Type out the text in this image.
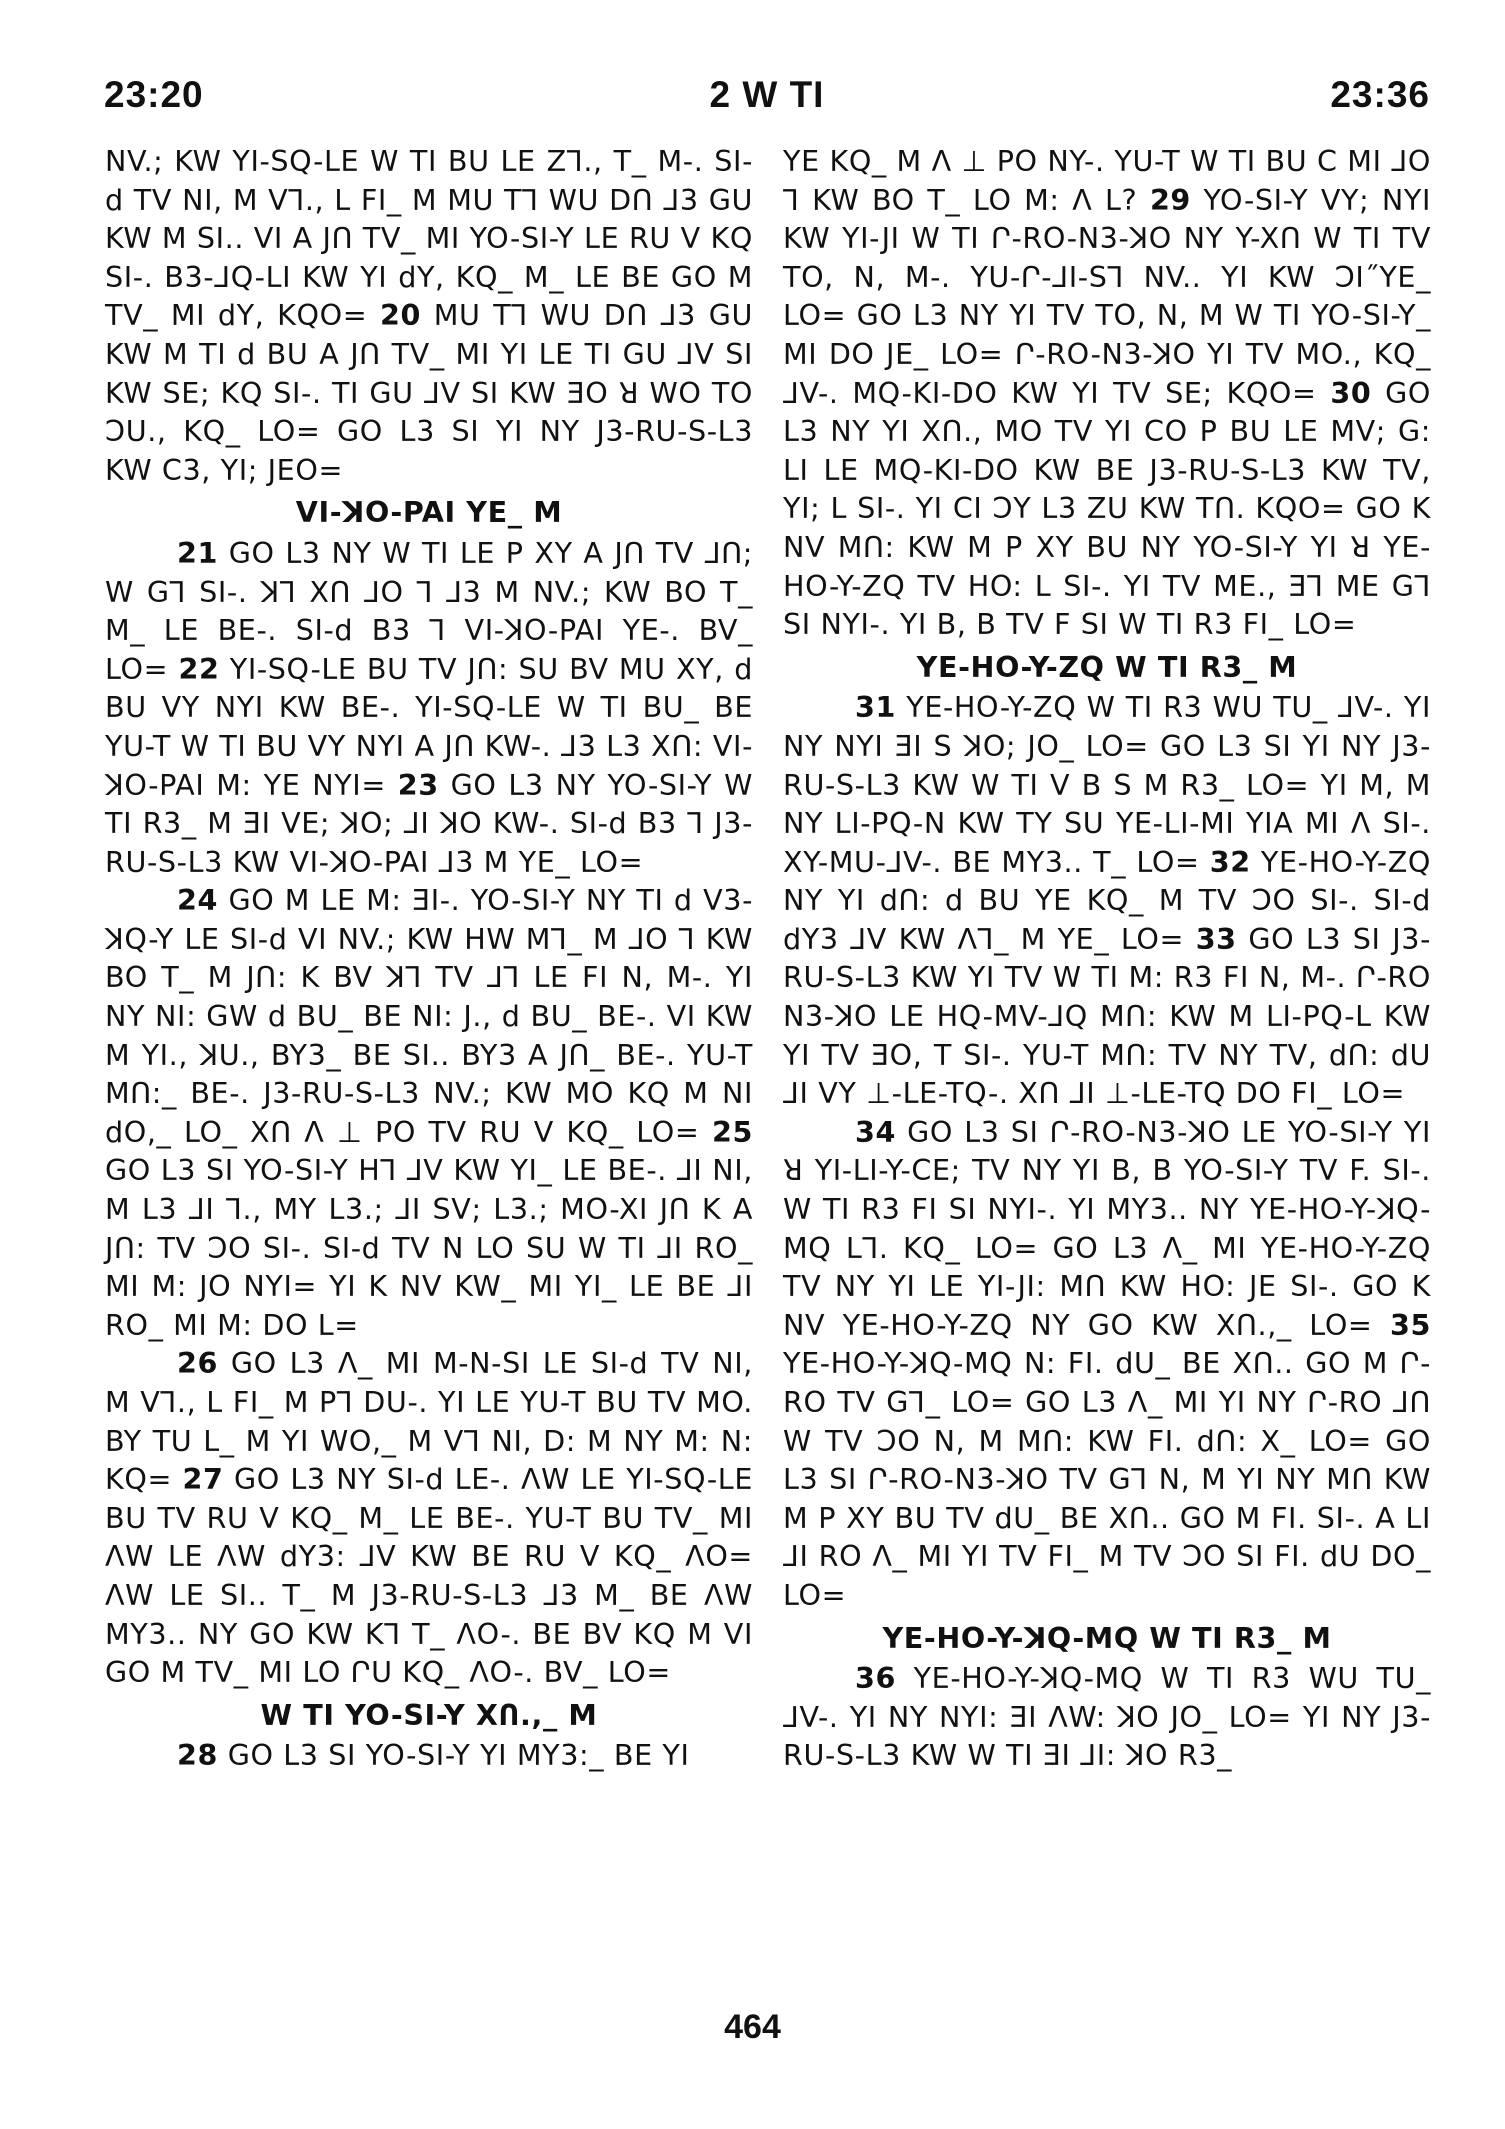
23:20	2 W TI	23:36

NV.; KW YI-SQ-LE W TI BU LE Z⅂., T_ M-. SI-d TV NI, M V⅂., L FI_ M MU T⅂ WU DՈ ⅃3 GU KW M SI.. VI A JՈ TV_ MI YO-SI-Y LE RU V KQ SI-. B3-⅃Q-LI KW YI dY, KQ_ M_ LE BE GO M TV_ MI dY, KQO= 20 MU T⅂ WU DՈ ⅃3 GU KW M TI d BU A JՈ TV_ MI YI LE TI GU ⅃V SI KW SE; KQ SI-. TI GU ⅃V SI KW ƎO ꓤ WO TO ƆU., KQ_ LO= GO L3 SI YI NY J3-RU-S-L3 KW C3, YI; JEO=

VI-ꓘO-PAI YE_ M

21 GO L3 NY W TI LE P XY A JՈ TV ⅃Ո; W G⅂ SI-. ꓘ⅂ XՈ ⅃O ⅂ ⅃3 M NV.; KW BO T_ M_ LE BE-. SI-d B3 ⅂ VI-ꓘO-PAI YE-. BV_ LO= 22 YI-SQ-LE BU TV JՈ: SU BV MU XY, d BU VY NYI KW BE-. YI-SQ-LE W TI BU_ BE YU-T W TI BU VY NYI A JՈ KW-. ⅃3 L3 XՈ: VI-ꓘO-PAI M: YE NYI= 23 GO L3 NY YO-SI-Y W TI R3_ M ƎI VE; ꓘO; ⅃I ꓘO KW-. SI-d B3 ⅂ J3-RU-S-L3 KW VI-ꓘO-PAI ⅃3 M YE_ LO=

24 GO M LE M: ƎI-. YO-SI-Y NY TI d V3-ꓘQ-Y LE SI-d VI NV.; KW HW M⅂_ M ⅃O ⅂ KW BO T_ M JՈ: K BV ꓘ⅂ TV ⅃⅂ LE FI N, M-. YI NY NI: GW d BU_ BE NI: J., d BU_ BE-. VI KW M YI., ꓘU., BY3_ BE SI.. BY3 A JՈ_ BE-. YU-T MՈ:_ BE-. J3-RU-S-L3 NV.; KW MO KQ M NI dO,_ LO_ XՈ Λ ⊥ PO TV RU V KQ_ LO= 25 GO L3 SI YO-SI-Y H⅂ ⅃V KW YI_ LE BE-. ⅃I NI, M L3 ⅃I ⅂., MY L3.; ⅃I SV; L3.; MO-XI JՈ K A JՈ: TV ƆO SI-. SI-d TV N LO SU W TI ⅃I RO_ MI M: JO NYI= YI K NV KW_ MI YI_ LE BE ⅃I RO_ MI M: DO L=

26 GO L3 Λ_ MI M-N-SI LE SI-d TV NI, M V⅂., L FI_ M P⅂ DU-. YI LE YU-T BU TV MO. BY TU L_ M YI WO,_ M V⅂ NI, D: M NY M: N: KQ= 27 GO L3 NY SI-d LE-. ΛW LE YI-SQ-LE BU TV RU V KQ_ M_ LE BE-. YU-T BU TV_ MI ΛW LE ΛW dY3: ⅃V KW BE RU V KQ_ ΛO= ΛW LE SI.. T_ M J3-RU-S-L3 ⅃3 M_ BE ΛW MY3.. NY GO KW K⅂ T_ ΛO-. BE BV KQ M VI GO M TV_ MI LO ՐU KQ_ ΛO-. BV_ LO=

W TI YO-SI-Y XՈ.,_ M

28 GO L3 SI YO-SI-Y YI MY3:_ BE YI

YE KQ_ M Λ ⊥ PO NY-. YU-T W TI BU C MI ⅃O ⅂ KW BO T_ LO M: Λ L? 29 YO-SI-Y VY; NYI KW YI-JI W TI Ր-RO-N3-ꓘO NY Y-XՈ W TI TV TO, N, M-. YU-Ր-⅃I-S⅂ NV.. YI KW ƆI˝YE_ LO= GO L3 NY YI TV TO, N, M W TI YO-SI-Y_ MI DO JE_ LO= Ր-RO-N3-ꓘO YI TV MO., KQ_ ⅃V-. MQ-KI-DO KW YI TV SE; KQO= 30 GO L3 NY YI XՈ., MO TV YI CO P BU LE MV; G: LI LE MQ-KI-DO KW BE J3-RU-S-L3 KW TV, YI; L SI-. YI CI ƆY L3 ZU KW TՈ. KQO= GO K NV MՈ: KW M P XY BU NY YO-SI-Y YI ꓤ YE-HO-Y-ZQ TV HO: L SI-. YI TV ME., Ǝ⅂ ME G⅂ SI NYI-. YI B, B TV F SI W TI R3 FI_ LO=

YE-HO-Y-ZQ W TI R3_ M

31 YE-HO-Y-ZQ W TI R3 WU TU_ ⅃V-. YI NY NYI ƎI S ꓘO; JO_ LO= GO L3 SI YI NY J3-RU-S-L3 KW W TI V B S M R3_ LO= YI M, M NY LI-PQ-N KW TY SU YE-LI-MI YIA MI Λ SI-. XY-MU-⅃V-. BE MY3.. T_ LO= 32 YE-HO-Y-ZQ NY YI dՈ: d BU YE KQ_ M TV ƆO SI-. SI-d dY3 ⅃V KW Λ⅂_ M YE_ LO= 33 GO L3 SI J3-RU-S-L3 KW YI TV W TI M: R3 FI N, M-. Ր-RO N3-ꓘO LE HQ-MV-⅃Q MՈ: KW M LI-PQ-L KW YI TV ƎO, T SI-. YU-T MՈ: TV NY TV, dՈ: dU ⅃I VY ⊥-LE-TQ-. XՈ ⅃I ⊥-LE-TQ DO FI_ LO=

34 GO L3 SI Ր-RO-N3-ꓘO LE YO-SI-Y YI ꓤ YI-LI-Y-CE; TV NY YI B, B YO-SI-Y TV F. SI-. W TI R3 FI SI NYI-. YI MY3.. NY YE-HO-Y-ꓘQ-MQ L⅂. KQ_ LO= GO L3 Λ_ MI YE-HO-Y-ZQ TV NY YI LE YI-JI: MՈ KW HO: JE SI-. GO K NV YE-HO-Y-ZQ NY GO KW XՈ.,_ LO= 35 YE-HO-Y-ꓘQ-MQ N: FI. dU_ BE XՈ.. GO M Ր-RO TV G⅂_ LO= GO L3 Λ_ MI YI NY Ր-RO ⅃Ո W TV ƆO N, M MՈ: KW FI. dՈ: X_ LO= GO L3 SI Ր-RO-N3-ꓘO TV G⅂ N, M YI NY MՈ KW M P XY BU TV dU_ BE XՈ.. GO M FI. SI-. A LI ⅃I RO Λ_ MI YI TV FI_ M TV ƆO SI FI. dU DO_ LO=

YE-HO-Y-ꓘQ-MQ W TI R3_ M

36 YE-HO-Y-ꓘQ-MQ W TI R3 WU TU_ ⅃V-. YI NY NYI: ƎI ΛW: ꓘO JO_ LO= YI NY J3-RU-S-L3 KW W TI ƎI ⅃I: ꓘO R3_

464
